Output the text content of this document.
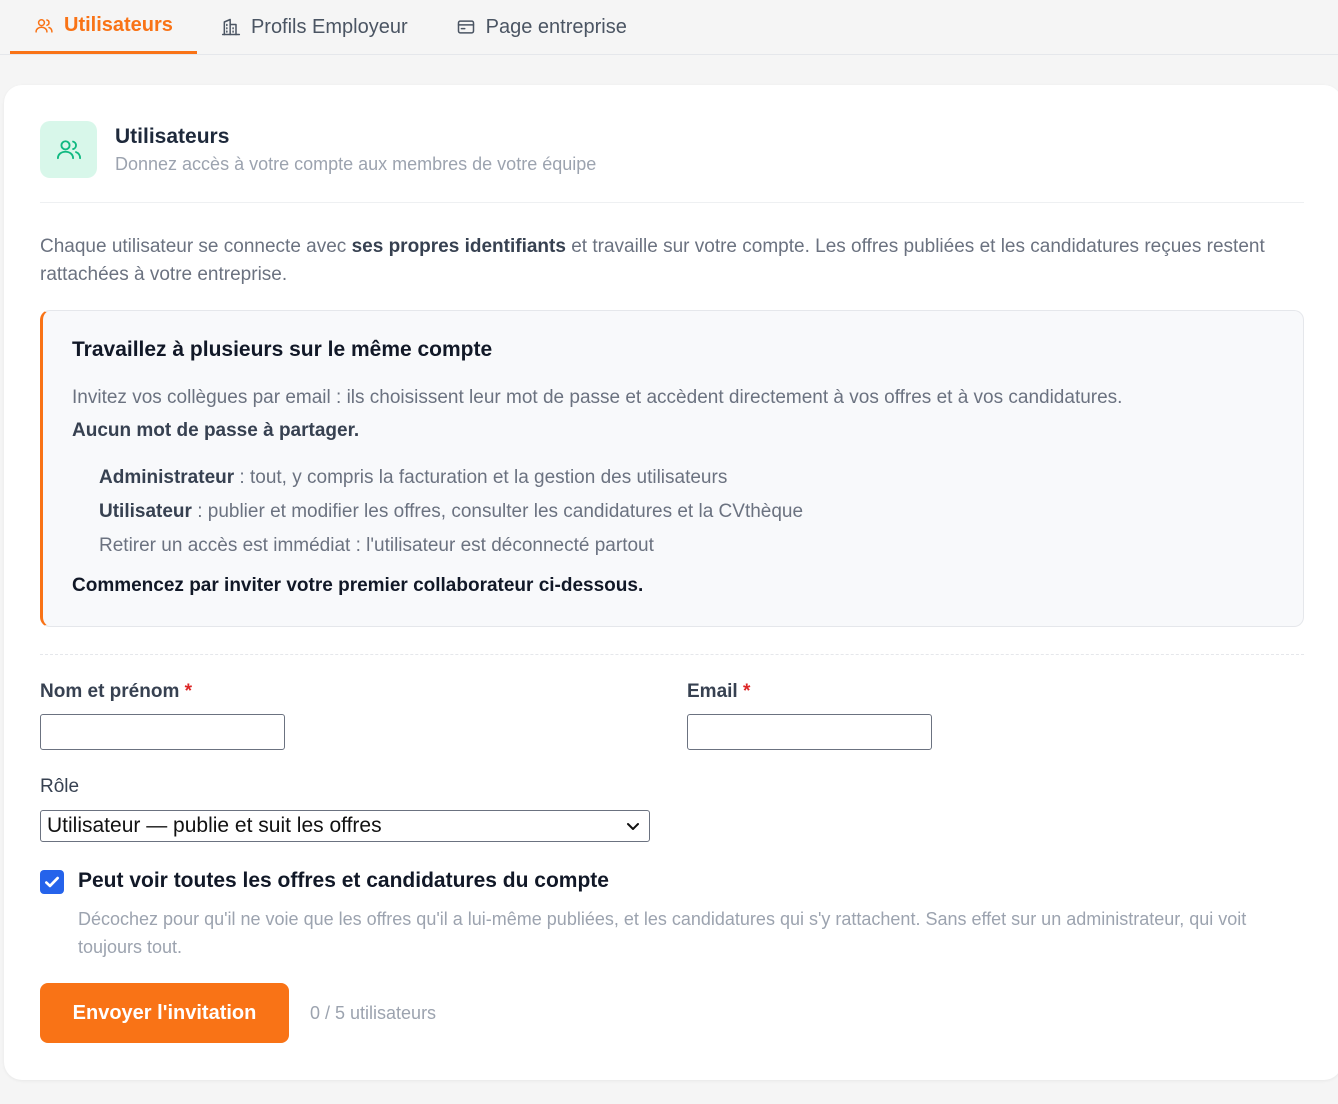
Utilisateurs	Profils Employeur	Page entreprise
Utilisateurs
Donnez accès à votre compte aux membres de votre équipe

Chaque utilisateur se connecte avec ses propres identifiants et travaille sur votre compte. Les offres publiées et les candidatures reçues restent rattachées à votre entreprise.

Travaillez à plusieurs sur le même compte
Invitez vos collègues par email : ils choisissent leur mot de passe et accèdent directement à vos offres et à vos candidatures.
Aucun mot de passe à partager.
Administrateur : tout, y compris la facturation et la gestion des utilisateurs
Utilisateur : publier et modifier les offres, consulter les candidatures et la CVthèque
Retirer un accès est immédiat : l'utilisateur est déconnecté partout
Commencez par inviter votre premier collaborateur ci-dessous.
Nom et prénom *	Email *
Rôle
Utilisateur — publie et suit les offres
Peut voir toutes les offres et candidatures du compte
Décochez pour qu'il ne voie que les offres qu'il a lui-même publiées, et les candidatures qui s'y rattachent. Sans effet sur un administrateur, qui voit toujours tout.
Envoyer l'invitation	0 / 5 utilisateurs
